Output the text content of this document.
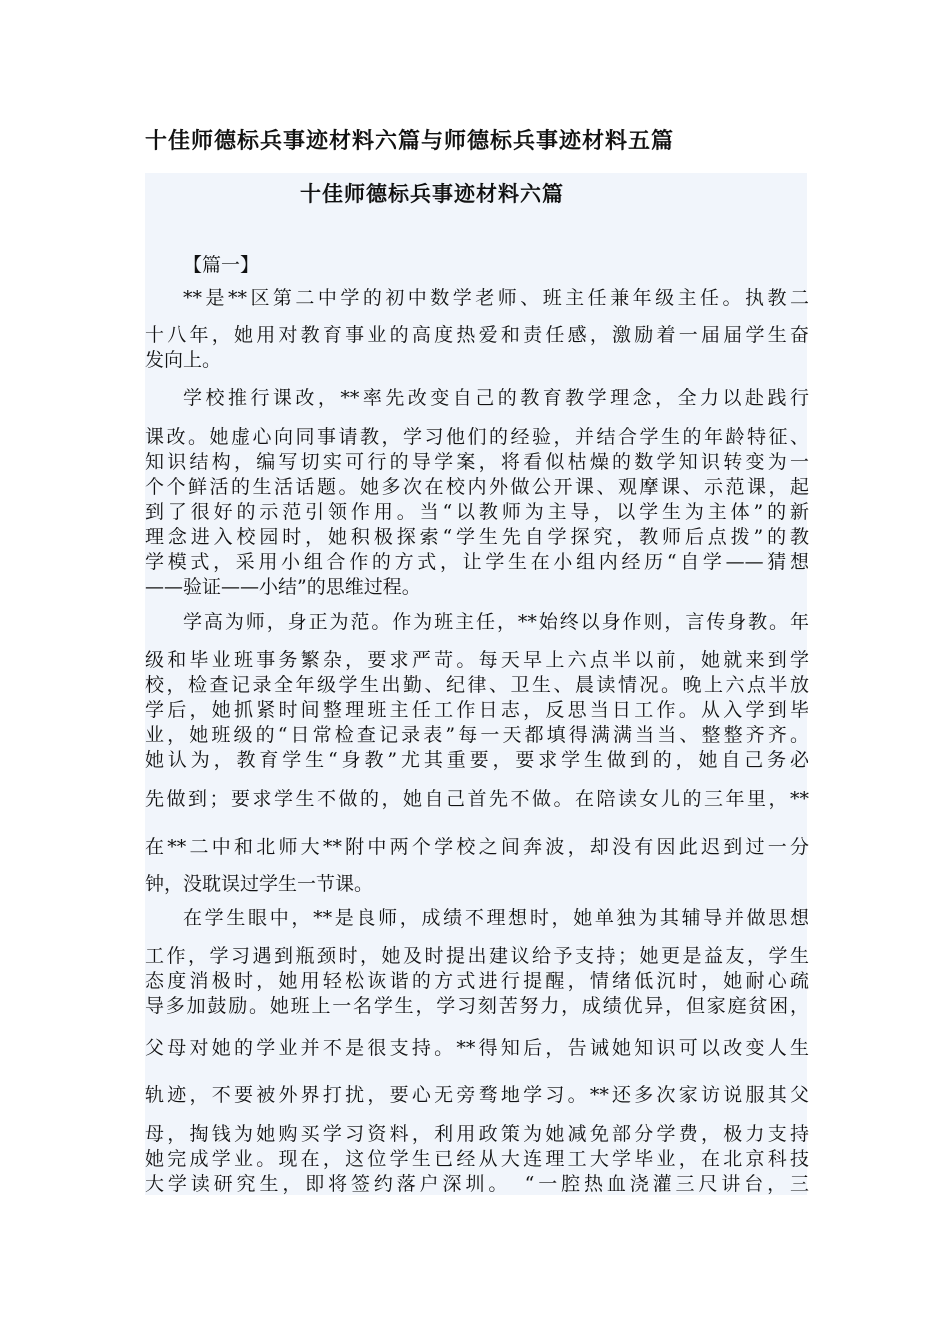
十佳师德标兵事迹材料六篇与师德标兵事迹材料五篇
十佳师德标兵事迹材料六篇
【篇一】
**是**区第二中学的初中数学老师、班主任兼年级主任。执教二
十八年，她用对教育事业的高度热爱和责任感，激励着一届届学生奋
发向上。
学校推行课改，**率先改变自己的教育教学理念，全力以赴践行
课改。她虚心向同事请教，学习他们的经验，并结合学生的年龄特征、
知识结构，编写切实可行的导学案，将看似枯燥的数学知识转变为一
个个鲜活的生活话题。她多次在校内外做公开课、观摩课、示范课，起
到了很好的示范引领作用。当“以教师为主导，以学生为主体”的新
理念进入校园时，她积极探索“学生先自学探究，教师后点拨”的教
学模式，采用小组合作的方式，让学生在小组内经历“自学——猜想
——验证——小结”的思维过程。
学高为师，身正为范。作为班主任，**始终以身作则，言传身教。年
级和毕业班事务繁杂，要求严苛。每天早上六点半以前，她就来到学
校，检查记录全年级学生出勤、纪律、卫生、晨读情况。晚上六点半放
学后，她抓紧时间整理班主任工作日志，反思当日工作。从入学到毕
业，她班级的“日常检查记录表”每一天都填得满满当当、整整齐齐。
她认为，教育学生“身教”尤其重要，要求学生做到的，她自己务必
先做到；要求学生不做的，她自己首先不做。在陪读女儿的三年里，**
在**二中和北师大**附中两个学校之间奔波，却没有因此迟到过一分
钟，没耽误过学生一节课。
在学生眼中，**是良师，成绩不理想时，她单独为其辅导并做思想
工作，学习遇到瓶颈时，她及时提出建议给予支持；她更是益友，学生
态度消极时，她用轻松诙谐的方式进行提醒，情绪低沉时，她耐心疏
导多加鼓励。她班上一名学生，学习刻苦努力，成绩优异，但家庭贫困，
父母对她的学业并不是很支持。**得知后，告诫她知识可以改变人生
轨迹，不要被外界打扰，要心无旁骛地学习。**还多次家访说服其父
母，掏钱为她购买学习资料，利用政策为她减免部分学费，极力支持
她完成学业。现在，这位学生已经从大连理工大学毕业，在北京科技
大学读研究生，即将签约落户深圳。　“一腔热血浇灌三尺讲台，三
